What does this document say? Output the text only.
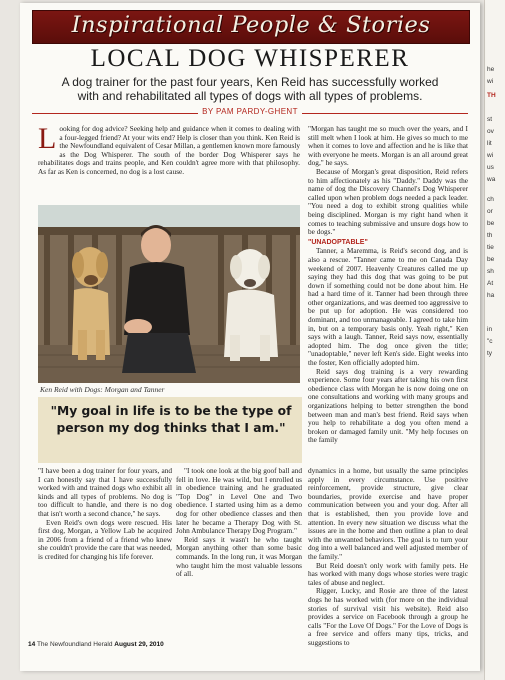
he
wi
TH
st
ov
lit
wi
us
wa
ch
or
be
th
tie
be
sh
At
ha
in
"c
ty
Inspirational People & Stories
LOCAL DOG WHISPERER
A dog trainer for the past four years, Ken Reid has successfully worked with and rehabilitated all types of dogs with all types of problems.
BY PAM PARDY-GHENT

Looking for dog advice? Seeking help and guidance when it comes to dealing with a four-legged friend? At your wits end? Help is closer than you think. Ken Reid is the Newfoundland equivalent of Cesar Millan, a gentlemen known more famously as the Dog Whisperer. The south of the border Dog Whisperer says he rehabilitates dogs and trains people, and Ken couldn't agree more with that philosophy. As far as Ken is concerned, no dog is a lost cause.

Ken Reid with Dogs: Morgan and Tanner
"My goal in life is to be the type of person my dog thinks that I am."

"Morgan has taught me so much over the years, and I still melt when I look at him. He gives so much to me when it comes to love and affection and he is like that with everyone he meets. Morgan is an all around great dog," he says.

Because of Morgan's great disposition, Reid refers to him affectionately as his "Daddy." Daddy was the name of dog the Discovery Channel's Dog Whisperer called upon when problem dogs needed a pack leader. "You need a dog to exhibit strong qualities while being disciplined. Morgan is my right hand when it comes to teaching submissive and unsure dogs how to be dogs."

"UNADOPTABLE"

Tanner, a Maremma, is Reid's second dog, and is also a rescue. "Tanner came to me on Canada Day weekend of 2007. Heavenly Creatures called me up saying they had this dog that was going to be put down if something could not be done about him. He had a hard time of it. Tanner had been through three other organizations, and was deemed too aggressive to be put up for adoption. He was considered too dominant, and too unmanageable. I agreed to take him in, but on a temporary basis only. Yeah right," Ken says with a laugh. Tanner, Reid says now, essentially adopted him. The dog once given the title; "unadoptable," never left Ken's side. Eight weeks into the foster, Ken officially adopted him.

Reid says dog training is a very rewarding experience. Some four years after taking his own first obedience class with Morgan he is now doing one on one consultations and working with many groups and organizations helping to better strengthen the bond between man and man's best friend. Reid says when you help to rehabilitate a dog you often mend a broken or damaged family unit. "My help focuses on the family

"I have been a dog trainer for four years, and I can honestly say that I have successfully worked with and trained dogs who exhibit all kinds and all types of problems. No dog is too difficult to handle, and there is no dog that isn't worth a second chance," he says.

Even Reid's own dogs were rescued. His first dog, Morgan, a Yellow Lab he acquired in 2006 from a friend of a friend who knew she couldn't provide the care that was needed, is credited for changing his life forever.

"I took one look at the big goof ball and fell in love. He was wild, but I enrolled us in obedience training and he graduated "Top Dog" in Level One and Two obedience. I started using him as a demo dog for other obedience classes and then later he became a Therapy Dog with St. John Ambulance Therapy Dog Program."

Reid says it wasn't he who taught Morgan anything other than some basic commands. In the long run, it was Morgan who taught him the most valuable lessons of all.

dynamics in a home, but usually the same principles apply in every circumstance. Use positive reinforcement, provide structure, give clear boundaries, provide exercise and have proper communication between you and your dog. After all that is established, then you provide love and attention. In every new situation we discuss what the issues are in the home and then outline a plan to deal with the unwanted behaviors. The goal is to turn your dog into a well balanced and well adjusted member of the family."

But Reid doesn't only work with family pets. He has worked with many dogs whose stories were tragic tales of abuse and neglect.

Rigger, Lucky, and Rosie are three of the latest dogs he has worked with (for more on the individual stories of survival visit his website). Reid also provides a service on Facebook through a group he calls "For the Love Of Dogs." For the Love of Dogs is a free service and offers many tips, tricks, and suggestions to

14 The Newfoundland Herald August 29, 2010
